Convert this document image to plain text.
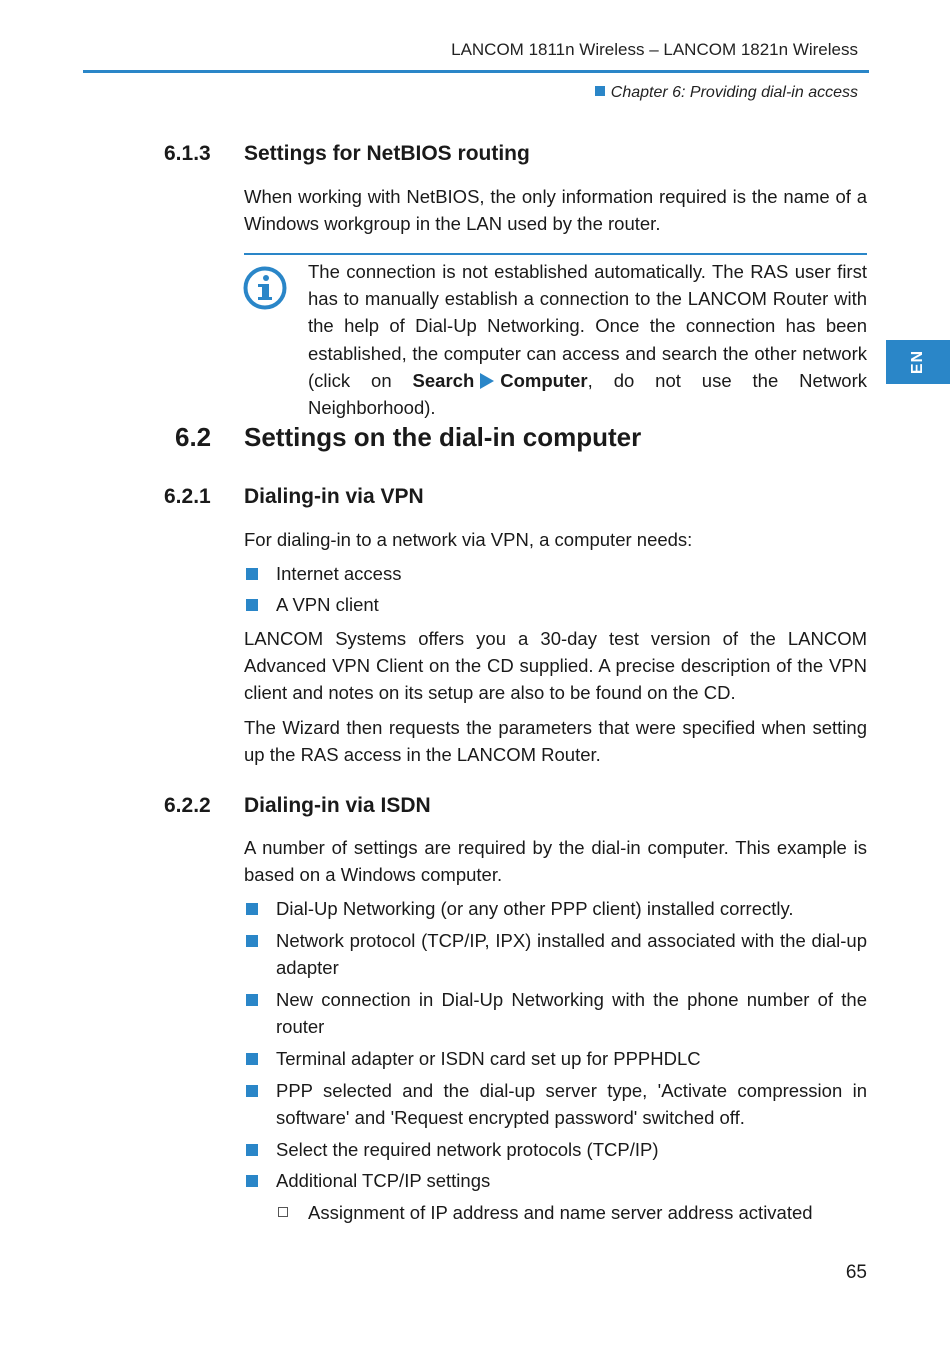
LANCOM 1811n Wireless – LANCOM 1821n Wireless
Chapter 6: Providing dial-in access
EN
6.1.3 Settings for NetBIOS routing
When working with NetBIOS, the only information required is the name of a Windows workgroup in the LAN used by the router.
The connection is not established automatically. The RAS user first has to manually establish a connection to the LANCOM Router with the help of Dial-Up Networking. Once the connection has been established, the computer can access and search the other network (click on Search Computer, do not use the Network Neighborhood).
6.2 Settings on the dial-in computer
6.2.1 Dialing-in via VPN
For dialing-in to a network via VPN, a computer needs:
Internet access
A VPN client
LANCOM Systems offers you a 30-day test version of the LANCOM Advanced VPN Client on the CD supplied. A precise description of the VPN client and notes on its setup are also to be found on the CD.
The Wizard then requests the parameters that were specified when setting up the RAS access in the LANCOM Router.
6.2.2 Dialing-in via ISDN
A number of settings are required by the dial-in computer. This example is based on a Windows computer.
Dial-Up Networking (or any other PPP client) installed correctly.
Network protocol (TCP/IP, IPX) installed and associated with the dial-up adapter
New connection in Dial-Up Networking with the phone number of the router
Terminal adapter or ISDN card set up for PPPHDLC
PPP selected and the dial-up server type, 'Activate compression in software' and 'Request encrypted password' switched off.
Select the required network protocols (TCP/IP)
Additional TCP/IP settings
Assignment of IP address and name server address activated
65
